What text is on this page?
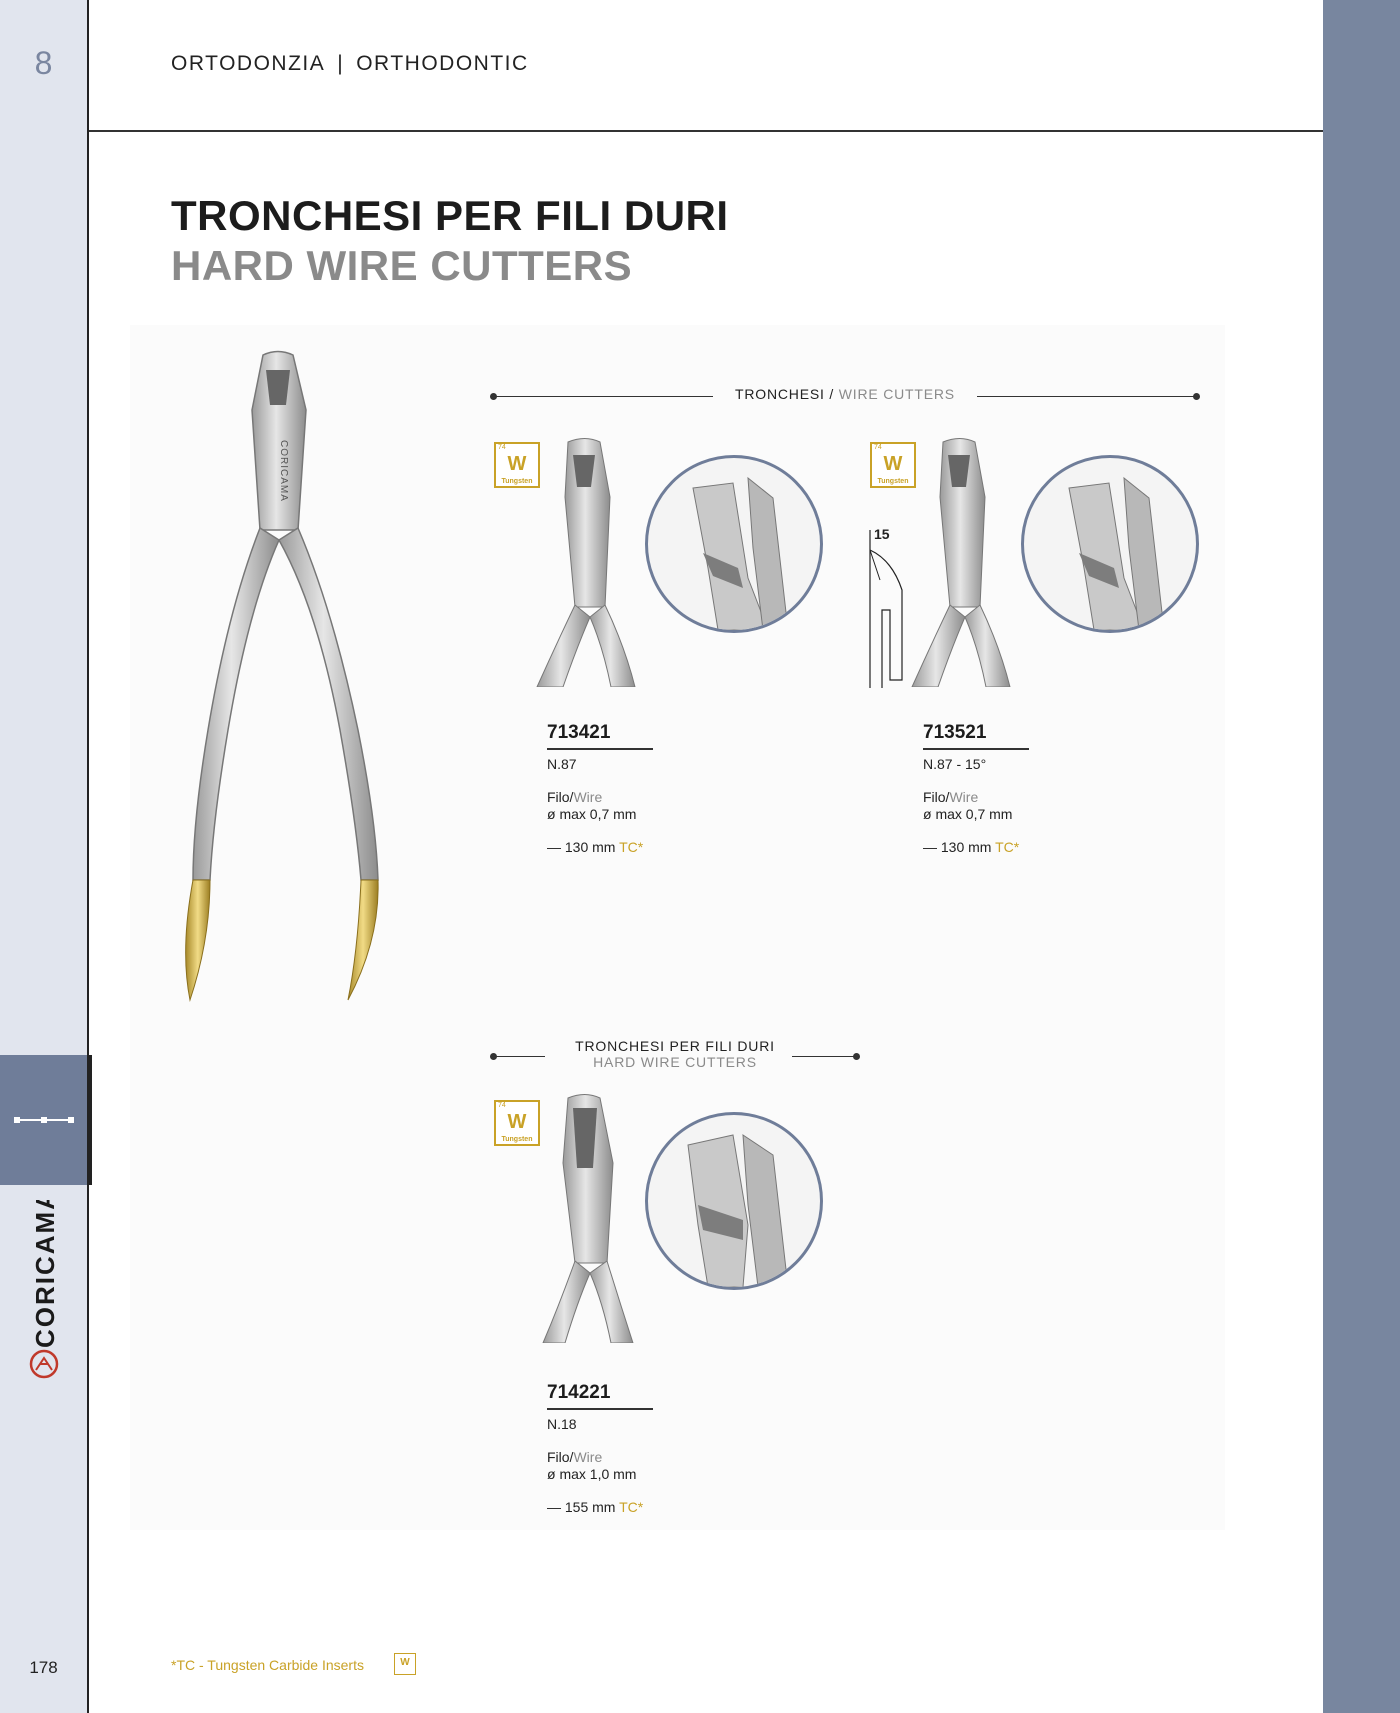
8
CORICAMA
178
ORTODONZIA | ORTHODONTIC
TRONCHESI PER FILI DURI
HARD WIRE CUTTERS
CORICAMA
TRONCHESI / WIRE CUTTERS
74
W
Tungsten
74
W
Tungsten
15
713421
N.87
Filo/Wire
ø max 0,7 mm
— 130 mm TC*
713521
N.87 - 15°
Filo/Wire
ø max 0,7 mm
— 130 mm TC*
TRONCHESI PER FILI DURI
HARD WIRE CUTTERS
74
W
Tungsten
714221
N.18
Filo/Wire
ø max 1,0 mm
— 155 mm TC*
*TC - Tungsten Carbide Inserts	W
